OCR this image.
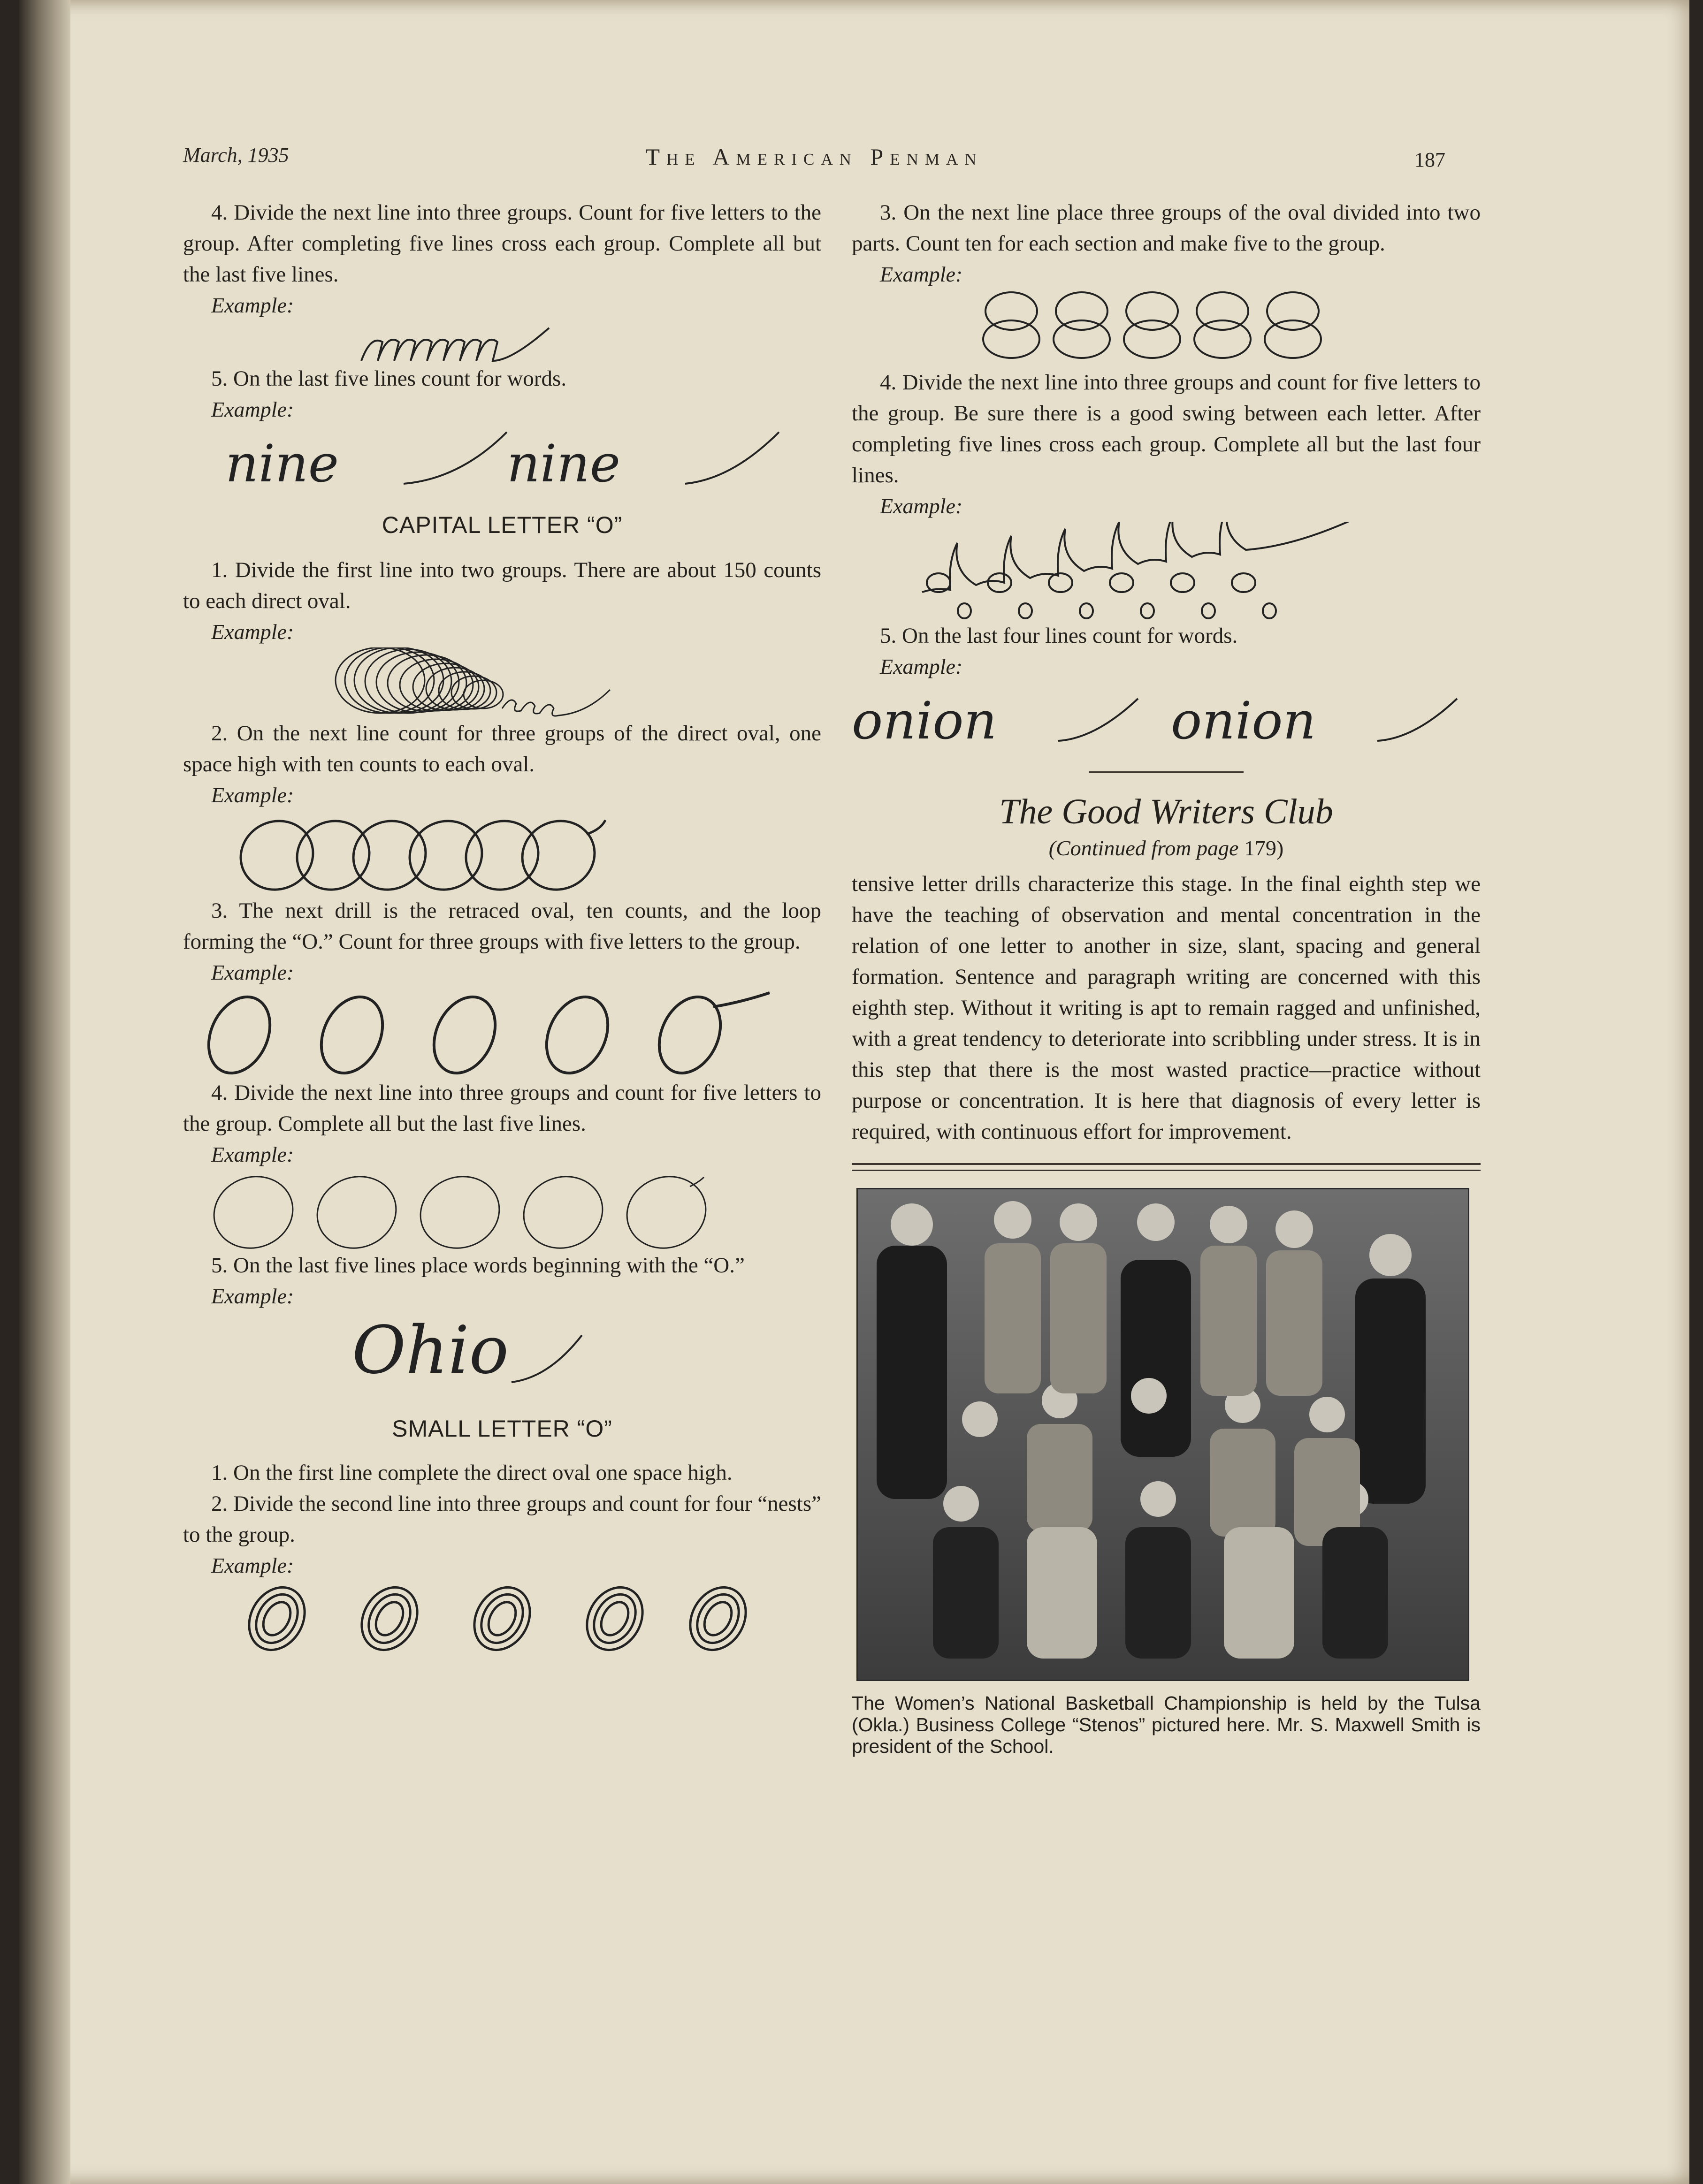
March, 1935	The American Penman	187

4. Divide the next line into three groups. Count for five letters to the group. After completing five lines cross each group. Complete all but the last five lines.

Example:

5. On the last five lines count for words.

Example:
nine	nine
CAPITAL LETTER “O”

1. Divide the first line into two groups. There are about 150 counts to each direct oval.

Example:

2. On the next line count for three groups of the direct oval, one space high with ten counts to each oval.

Example:

3. The next drill is the retraced oval, ten counts, and the loop forming the “O.” Count for three groups with five letters to the group.

Example:

4. Divide the next line into three groups and count for five letters to the group. Complete all but the last five lines.

Example:

5. On the last five lines place words beginning with the “O.”

Example:
Ohio
SMALL LETTER “O”

1. On the first line complete the direct oval one space high.

2. Divide the second line into three groups and count for four “nests” to the group.

Example:

3. On the next line place three groups of the oval divided into two parts. Count ten for each section and make five to the group.

Example:

4. Divide the next line into three groups and count for five letters to the group. Be sure there is a good swing between each letter. After completing five lines cross each group. Complete all but the last four lines.

Example:

5. On the last four lines count for words.

Example:
onion	onion
The Good Writers Club
(Continued from page 179)

tensive letter drills characterize this stage. In the final eighth step we have the teaching of observation and mental concentration in the relation of one letter to another in size, slant, spacing and general formation. Sentence and paragraph writing are concerned with this eighth step. Without it writing is apt to remain ragged and unfinished, with a great tendency to deteriorate into scribbling under stress. It is in this step that there is the most wasted practice—practice without purpose or concentration. It is here that diagnosis of every letter is required, with continuous effort for improvement.

The Women’s National Basketball Championship is held by the Tulsa (Okla.) Business College “Stenos” pictured here. Mr. S. Maxwell Smith is president of the School.
